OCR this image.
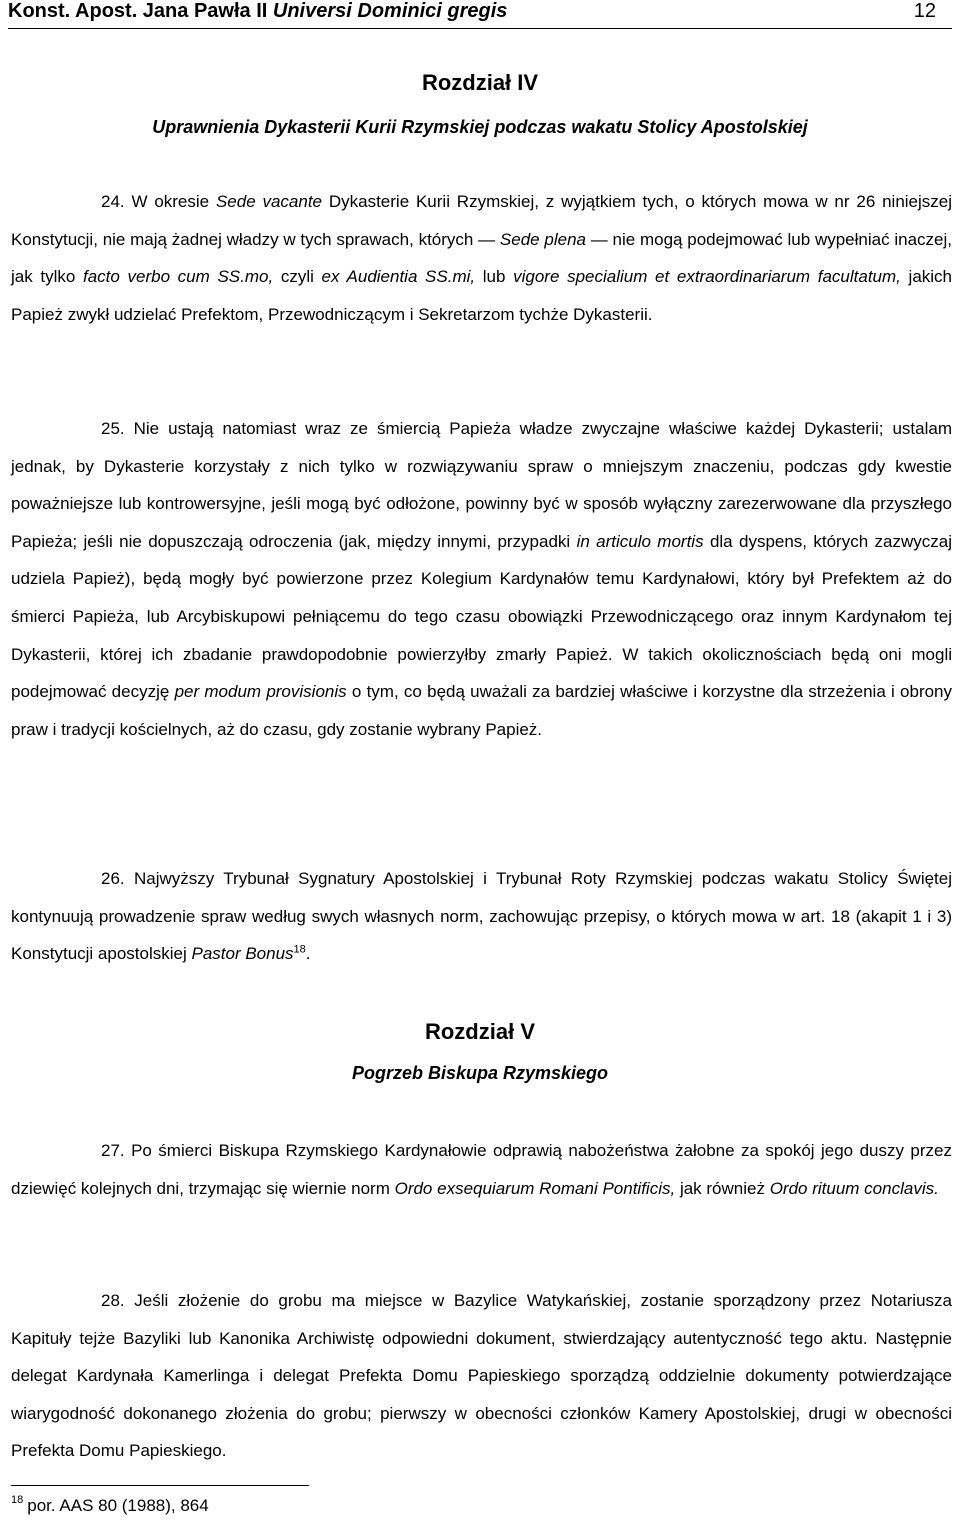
Konst. Apost. Jana Pawła II Universi Dominici gregis	12
Rozdział IV
Uprawnienia Dykasterii Kurii Rzymskiej podczas wakatu Stolicy Apostolskiej

24. W okresie Sede vacante Dykasterie Kurii Rzymskiej, z wyjątkiem tych, o których mowa w nr 26 niniejszej Konstytucji, nie mają żadnej władzy w tych sprawach, których — Sede plena — nie mogą podejmować lub wypełniać inaczej, jak tylko facto verbo cum SS.mo, czyli ex Audientia SS.mi, lub vigore specialium et extraordinariarum facultatum, jakich Papież zwykł udzielać Prefektom, Przewodniczącym i Sekretarzom tychże Dykasterii.

25. Nie ustają natomiast wraz ze śmiercią Papieża władze zwyczajne właściwe każdej Dykasterii; ustalam jednak, by Dykasterie korzystały z nich tylko w rozwiązywaniu spraw o mniejszym znaczeniu, podczas gdy kwestie poważniejsze lub kontrowersyjne, jeśli mogą być odłożone, powinny być w sposób wyłączny zarezerwowane dla przyszłego Papieża; jeśli nie dopuszczają odroczenia (jak, między innymi, przypadki in articulo mortis dla dyspens, których zazwyczaj udziela Papież), będą mogły być powierzone przez Kolegium Kardynałów temu Kardynałowi, który był Prefektem aż do śmierci Papieża, lub Arcybiskupowi pełniącemu do tego czasu obowiązki Przewodniczącego oraz innym Kardynałom tej Dykasterii, której ich zbadanie prawdopodobnie powierzyłby zmarły Papież. W takich okolicznościach będą oni mogli podejmować decyzję per modum provisionis o tym, co będą uważali za bardziej właściwe i korzystne dla strzeżenia i obrony praw i tradycji kościelnych, aż do czasu, gdy zostanie wybrany Papież.

26. Najwyższy Trybunał Sygnatury Apostolskiej i Trybunał Roty Rzymskiej podczas wakatu Stolicy Świętej kontynuują prowadzenie spraw według swych własnych norm, zachowując przepisy, o których mowa w art. 18 (akapit 1 i 3) Konstytucji apostolskiej Pastor Bonus$^{18}$.

Rozdział V
Pogrzeb Biskupa Rzymskiego

27. Po śmierci Biskupa Rzymskiego Kardynałowie odprawią nabożeństwa żałobne za spokój jego duszy przez dziewięć kolejnych dni, trzymając się wiernie norm Ordo exsequiarum Romani Pontificis, jak również Ordo rituum conclavis.

28. Jeśli złożenie do grobu ma miejsce w Bazylice Watykańskiej, zostanie sporządzony przez Notariusza Kapituły tejże Bazyliki lub Kanonika Archiwistę odpowiedni dokument, stwierdzający autentyczność tego aktu. Następnie delegat Kardynała Kamerlinga i delegat Prefekta Domu Papieskiego sporządzą oddzielnie dokumenty potwierdzające wiarygodność dokonanego złożenia do grobu; pierwszy w obecności członków Kamery Apostolskiej, drugi w obecności Prefekta Domu Papieskiego.

$^{18}$ por. AAS 80 (1988), 864
